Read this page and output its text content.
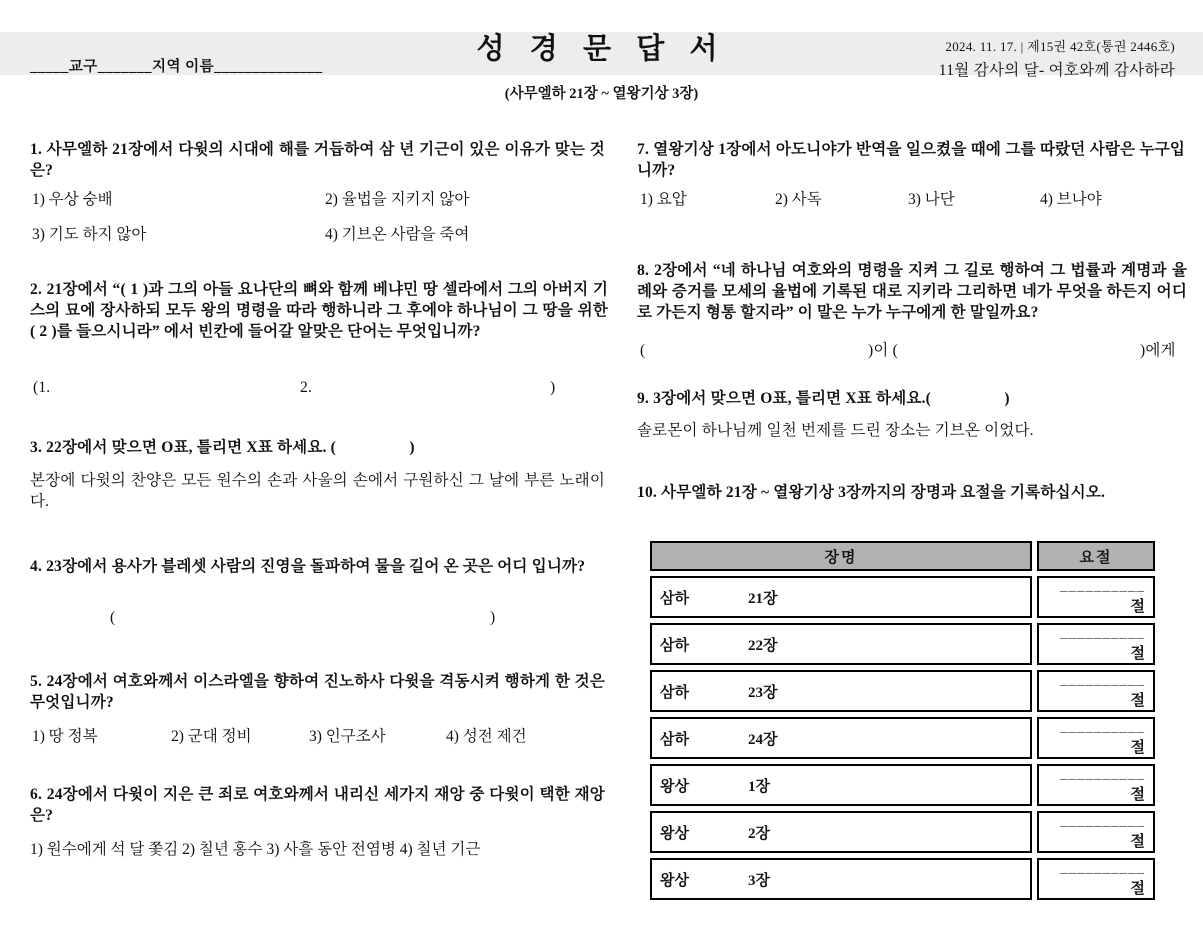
성 경 문 답 서
_____교구_______지역 이름______________
2024. 11. 17. | 제15권 42호(통권 2446호)
11월 감사의 달- 여호와께 감사하라
(사무엘하 21장 ~ 열왕기상 3장)
1. 사무엘하 21장에서 다윗의 시대에 해를 거듭하여 삼 년 기근이 있은 이유가 맞는 것은?
1) 우상 숭배	2) 율법을 지키지 않아
3) 기도 하지 않아	4) 기브온 사람을 죽여
2. 21장에서 “( 1 )과 그의 아들 요나단의 뼈와 함께 베냐민 땅 셀라에서 그의 아버지 기스의 묘에 장사하되 모두 왕의 명령을 따라 행하니라 그 후에야 하나님이 그 땅을 위한 ( 2 )를 들으시니라” 에서 빈칸에 들어갈 알맞은 단어는 무엇입니까?
(1.	2.	)
3. 22장에서 맞으면 O표, 틀리면 X표 하세요. (                  )
본장에 다윗의 찬양은 모든 원수의 손과 사울의 손에서 구원하신 그 날에 부른 노래이다.
4. 23장에서 용사가 블레셋 사람의 진영을 돌파하여 물을 길어 온 곳은 어디 입니까?
(	)
5. 24장에서 여호와께서 이스라엘을 향하여 진노하사 다윗을 격동시켜 행하게 한 것은 무엇입니까?
1) 땅 정복	2) 군대 정비	3) 인구조사	4) 성전 제건
6. 24장에서 다윗이 지은 큰 죄로 여호와께서 내리신 세가지 재앙 중 다윗이 택한 재앙은?
1) 원수에게 석 달 쫓김 2) 칠년 홍수 3) 사흘 동안 전염병 4) 칠년 기근
7. 열왕기상 1장에서 아도니야가 반역을 일으켰을 때에 그를 따랐던 사람은 누구입니까?
1) 요압	2) 사독	3) 나단	4) 브나야
8. 2장에서 “네 하나님 여호와의 명령을 지켜 그 길로 행하여 그 법률과 계명과 율례와 증거를 모세의 율법에 기록된 대로 지키라 그리하면 네가 무엇을 하든지 어디로 가든지 형통 할지라” 이 말은 누가 누구에게 한 말일까요?
(	)이 (	)에게
9. 3장에서 맞으면 O표, 틀리면 X표 하세요.(                  )
솔로몬이 하나님께 일천 번제를 드린 장소는 기브온 이었다.
10. 사무엘하 21장 ~ 열왕기상 3장까지의 장명과 요절을 기록하십시오.
장명	요절
삼하 21장	__________절
삼하 22장	__________절
삼하 23장	__________절
삼하 24장	__________절
왕상 1장	__________절
왕상 2장	__________절
왕상 3장	__________절
